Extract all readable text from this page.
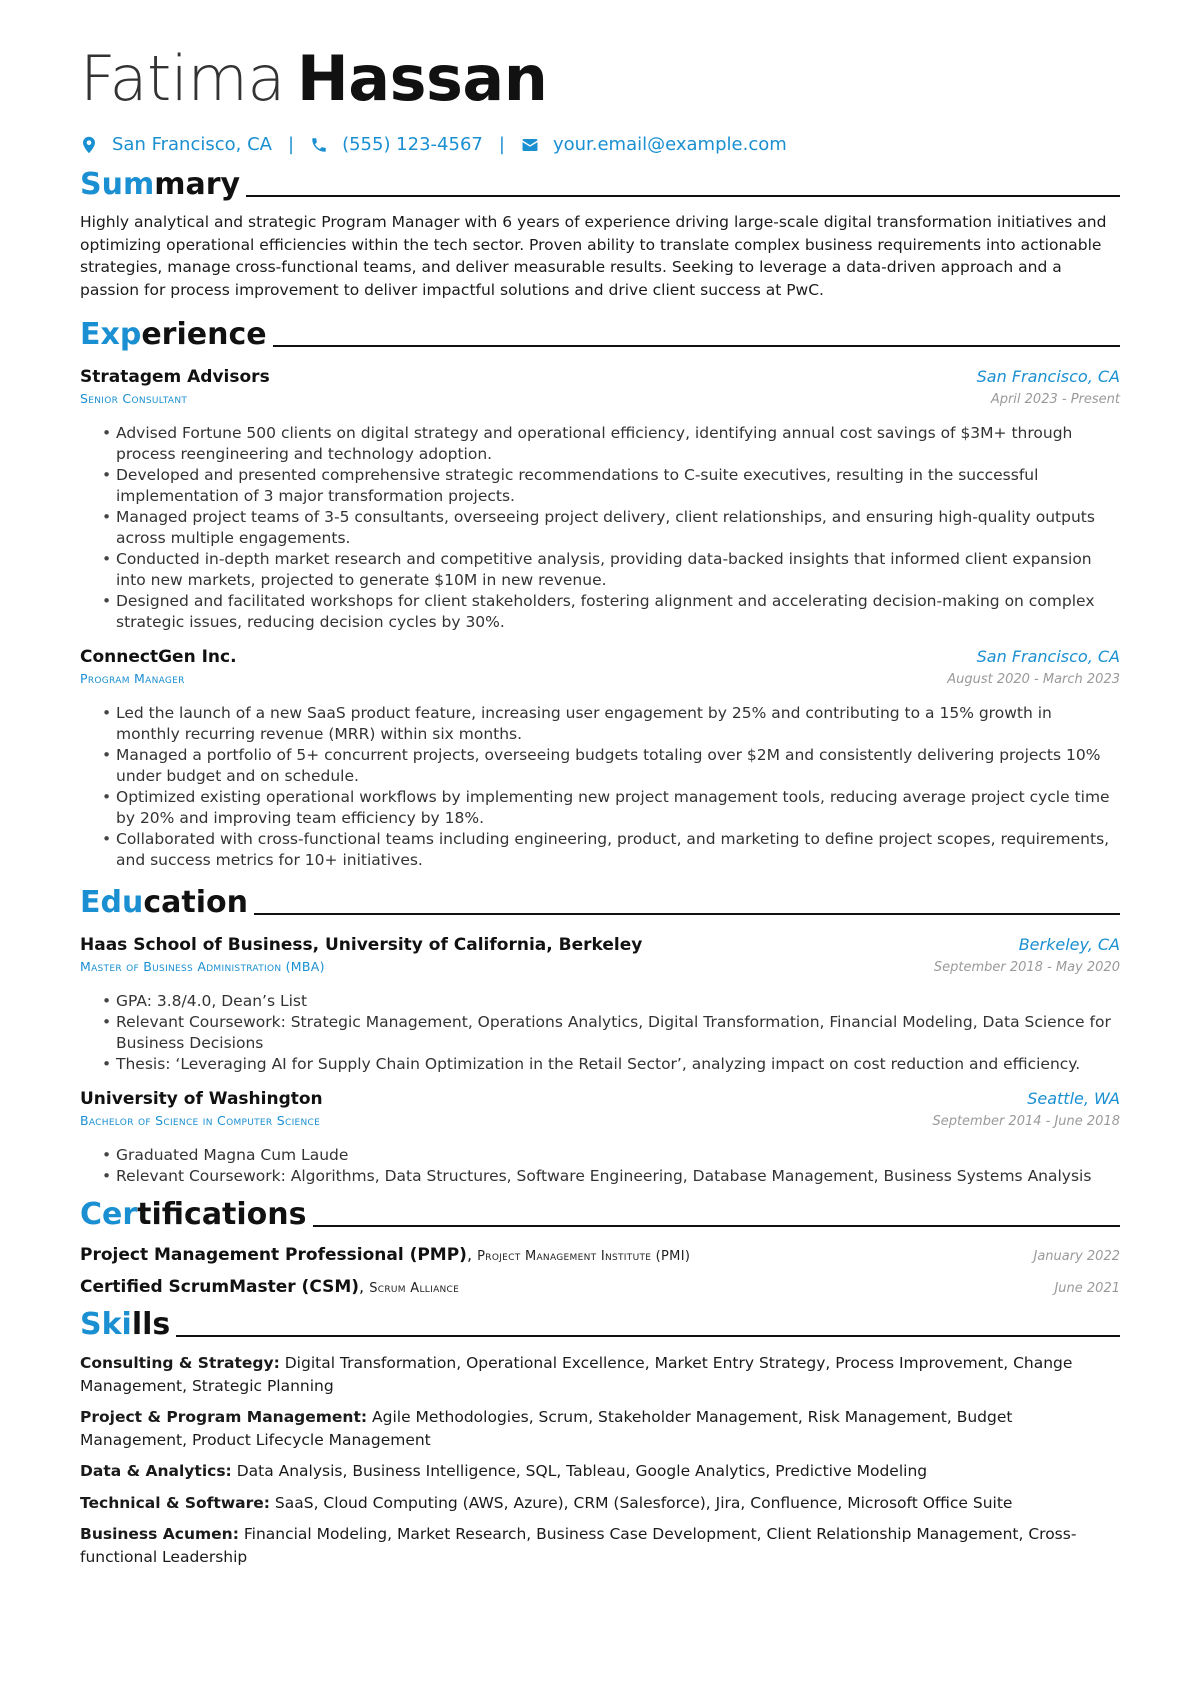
Fatima Hassan
San Francisco, CA |	(555) 123-4567 |	your.email@example.com
Summary

Highly analytical and strategic Program Manager with 6 years of experience driving large-scale digital transformation initiatives and optimizing operational efficiencies within the tech sector. Proven ability to translate complex business requirements into actionable strategies, manage cross-functional teams, and deliver measurable results. Seeking to leverage a data-driven approach and a passion for process improvement to deliver impactful solutions and drive client success at PwC.

Experience
Stratagem Advisors	San Francisco, CA
Senior Consultant	April 2023 - Present
• Advised Fortune 500 clients on digital strategy and operational efficiency, identifying annual cost savings of $3M+ through process reengineering and technology adoption.
• Developed and presented comprehensive strategic recommendations to C-suite executives, resulting in the successful implementation of 3 major transformation projects.
• Managed project teams of 3-5 consultants, overseeing project delivery, client relationships, and ensuring high-quality outputs across multiple engagements.
• Conducted in-depth market research and competitive analysis, providing data-backed insights that informed client expansion into new markets, projected to generate $10M in new revenue.
• Designed and facilitated workshops for client stakeholders, fostering alignment and accelerating decision-making on complex strategic issues, reducing decision cycles by 30%.
ConnectGen Inc.	San Francisco, CA
Program Manager	August 2020 - March 2023
• Led the launch of a new SaaS product feature, increasing user engagement by 25% and contributing to a 15% growth in monthly recurring revenue (MRR) within six months.
• Managed a portfolio of 5+ concurrent projects, overseeing budgets totaling over $2M and consistently delivering projects 10% under budget and on schedule.
• Optimized existing operational workflows by implementing new project management tools, reducing average project cycle time by 20% and improving team efficiency by 18%.
• Collaborated with cross-functional teams including engineering, product, and marketing to define project scopes, requirements, and success metrics for 10+ initiatives.
Education
Haas School of Business, University of California, Berkeley	Berkeley, CA
Master of Business Administration (MBA)	September 2018 - May 2020
• GPA: 3.8/4.0, Dean’s List
• Relevant Coursework: Strategic Management, Operations Analytics, Digital Transformation, Financial Modeling, Data Science for Business Decisions
• Thesis: ‘Leveraging AI for Supply Chain Optimization in the Retail Sector’, analyzing impact on cost reduction and efficiency.
University of Washington	Seattle, WA
Bachelor of Science in Computer Science	September 2014 - June 2018
• Graduated Magna Cum Laude
• Relevant Coursework: Algorithms, Data Structures, Software Engineering, Database Management, Business Systems Analysis
Certifications
Project Management Professional (PMP), Project Management Institute (PMI)	January 2022
Certified ScrumMaster (CSM), Scrum Alliance	June 2021
Skills
Consulting & Strategy: Digital Transformation, Operational Excellence, Market Entry Strategy, Process Improvement, Change Management, Strategic Planning
Project & Program Management: Agile Methodologies, Scrum, Stakeholder Management, Risk Management, Budget Management, Product Lifecycle Management
Data & Analytics: Data Analysis, Business Intelligence, SQL, Tableau, Google Analytics, Predictive Modeling
Technical & Software: SaaS, Cloud Computing (AWS, Azure), CRM (Salesforce), Jira, Confluence, Microsoft Office Suite
Business Acumen: Financial Modeling, Market Research, Business Case Development, Client Relationship Management, Cross-functional Leadership
